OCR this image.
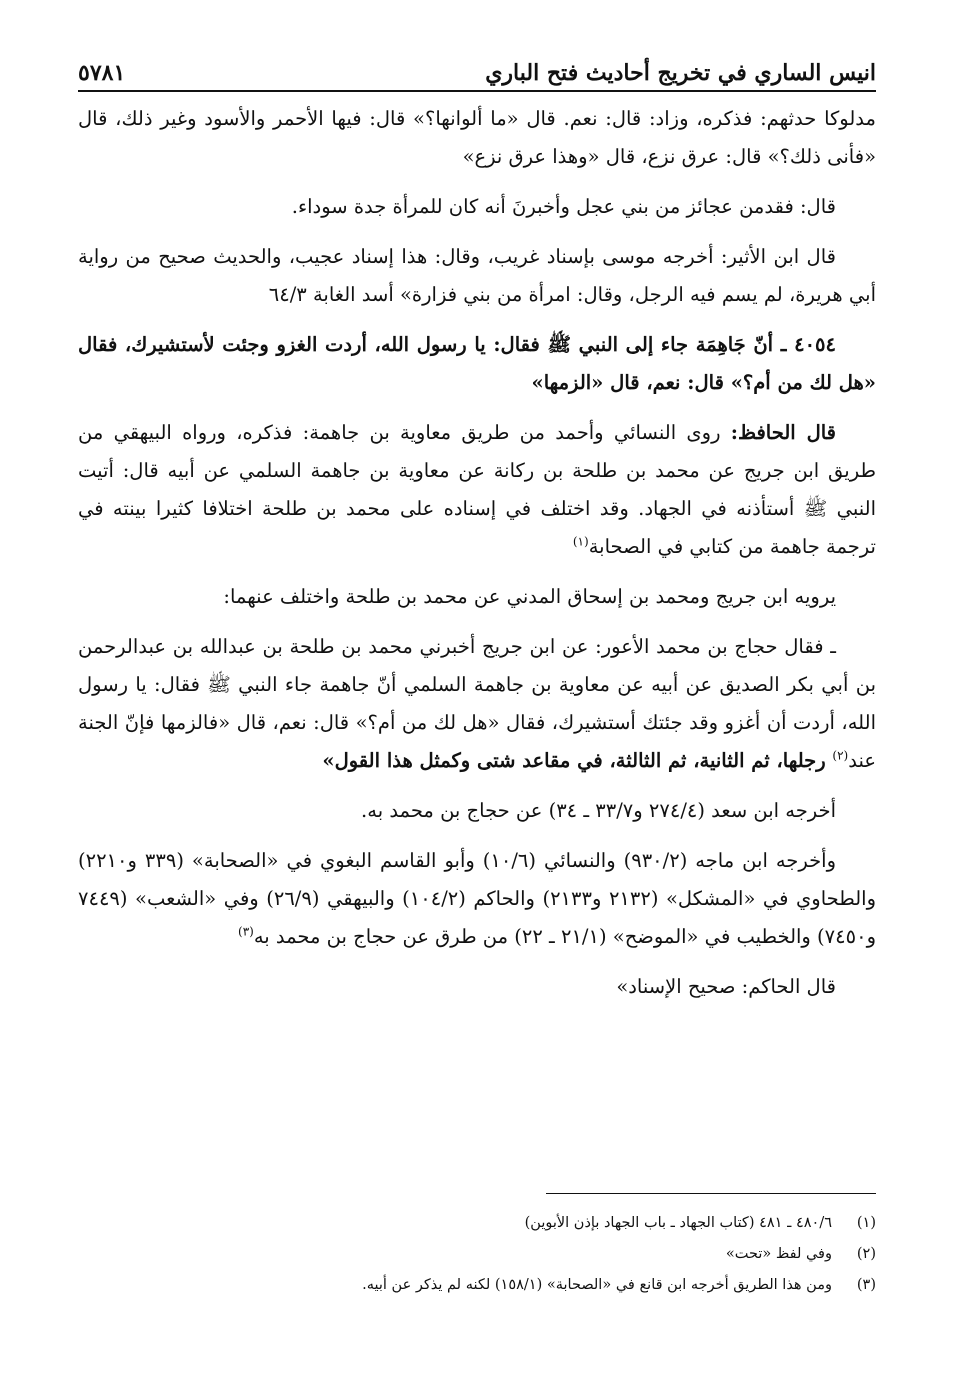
انيس الساري في تخريج أحاديث فتح الباري
٥٧٨١

مدلوكا حدثهم: فذكره، وزاد: قال: نعم. قال «ما ألوانها؟» قال: فيها الأحمر والأسود وغير ذلك، قال «فأنى ذلك؟» قال: عرق نزع، قال «وهذا عرق نزع»

قال: فقدمن عجائز من بني عجل وأخبرنَ أنه كان للمرأة جدة سوداء.

قال ابن الأثير: أخرجه موسى بإسناد غريب، وقال: هذا إسناد عجيب، والحديث صحيح من رواية أبي هريرة، لم يسم فيه الرجل، وقال: امرأة من بني فزارة» أسد الغابة ٦٤/٣

٤٠٥٤ ـ أنّ جَاهِمَة جاء إلى النبي ﷺ فقال: يا رسول الله، أردت الغزو وجئت لأستشيرك، فقال «هل لك من أم؟» قال: نعم، قال «الزمها»

قال الحافظ: روى النسائي وأحمد من طريق معاوية بن جاهمة: فذكره، ورواه البيهقي من طريق ابن جريج عن محمد بن طلحة بن ركانة عن معاوية بن جاهمة السلمي عن أبيه قال: أتيت النبي ﷺ أستأذنه في الجهاد. وقد اختلف في إسناده على محمد بن طلحة اختلافا كثيرا بينته في ترجمة جاهمة من كتابي في الصحابة$^{(١)}$

يرويه ابن جريج ومحمد بن إسحاق المدني عن محمد بن طلحة واختلف عنهما:

ـ فقال حجاج بن محمد الأعور: عن ابن جريج أخبرني محمد بن طلحة بن عبدالله بن عبدالرحمن بن أبي بكر الصديق عن أبيه عن معاوية بن جاهمة السلمي أنّ جاهمة جاء النبي ﷺ فقال: يا رسول الله، أردت أن أغزو وقد جئتك أستشيرك، فقال «هل لك من أم؟» قال: نعم، قال «فالزمها فإنّ الجنة عند$^{(٢)}$ رجلها، ثم الثانية، ثم الثالثة، في مقاعد شتى وكمثل هذا القول»

أخرجه ابن سعد (٢٧٤/٤ و٣٣/٧ ـ ٣٤) عن حجاج بن محمد به.

وأخرجه ابن ماجه (٩٣٠/٢) والنسائي (١٠/٦) وأبو القاسم البغوي في «الصحابة» (٣٣٩ و٢٢١٠) والطحاوي في «المشكل» (٢١٣٢ و٢١٣٣) والحاكم (١٠٤/٢) والبيهقي (٢٦/٩) وفي «الشعب» (٧٤٤٩ و٧٤٥٠) والخطيب في «الموضح» (٢١/١ ـ ٢٢) من طرق عن حجاج بن محمد به$^{(٣)}$

قال الحاكم: صحيح الإسناد»

(١)
٤٨٠/٦ ـ ٤٨١ (كتاب الجهاد ـ باب الجهاد بإذن الأبوين)
(٢)
وفي لفظ «تحت»
(٣)
ومن هذا الطريق أخرجه ابن قانع في «الصحابة» (١٥٨/١) لكنه لم يذكر عن أبيه.
